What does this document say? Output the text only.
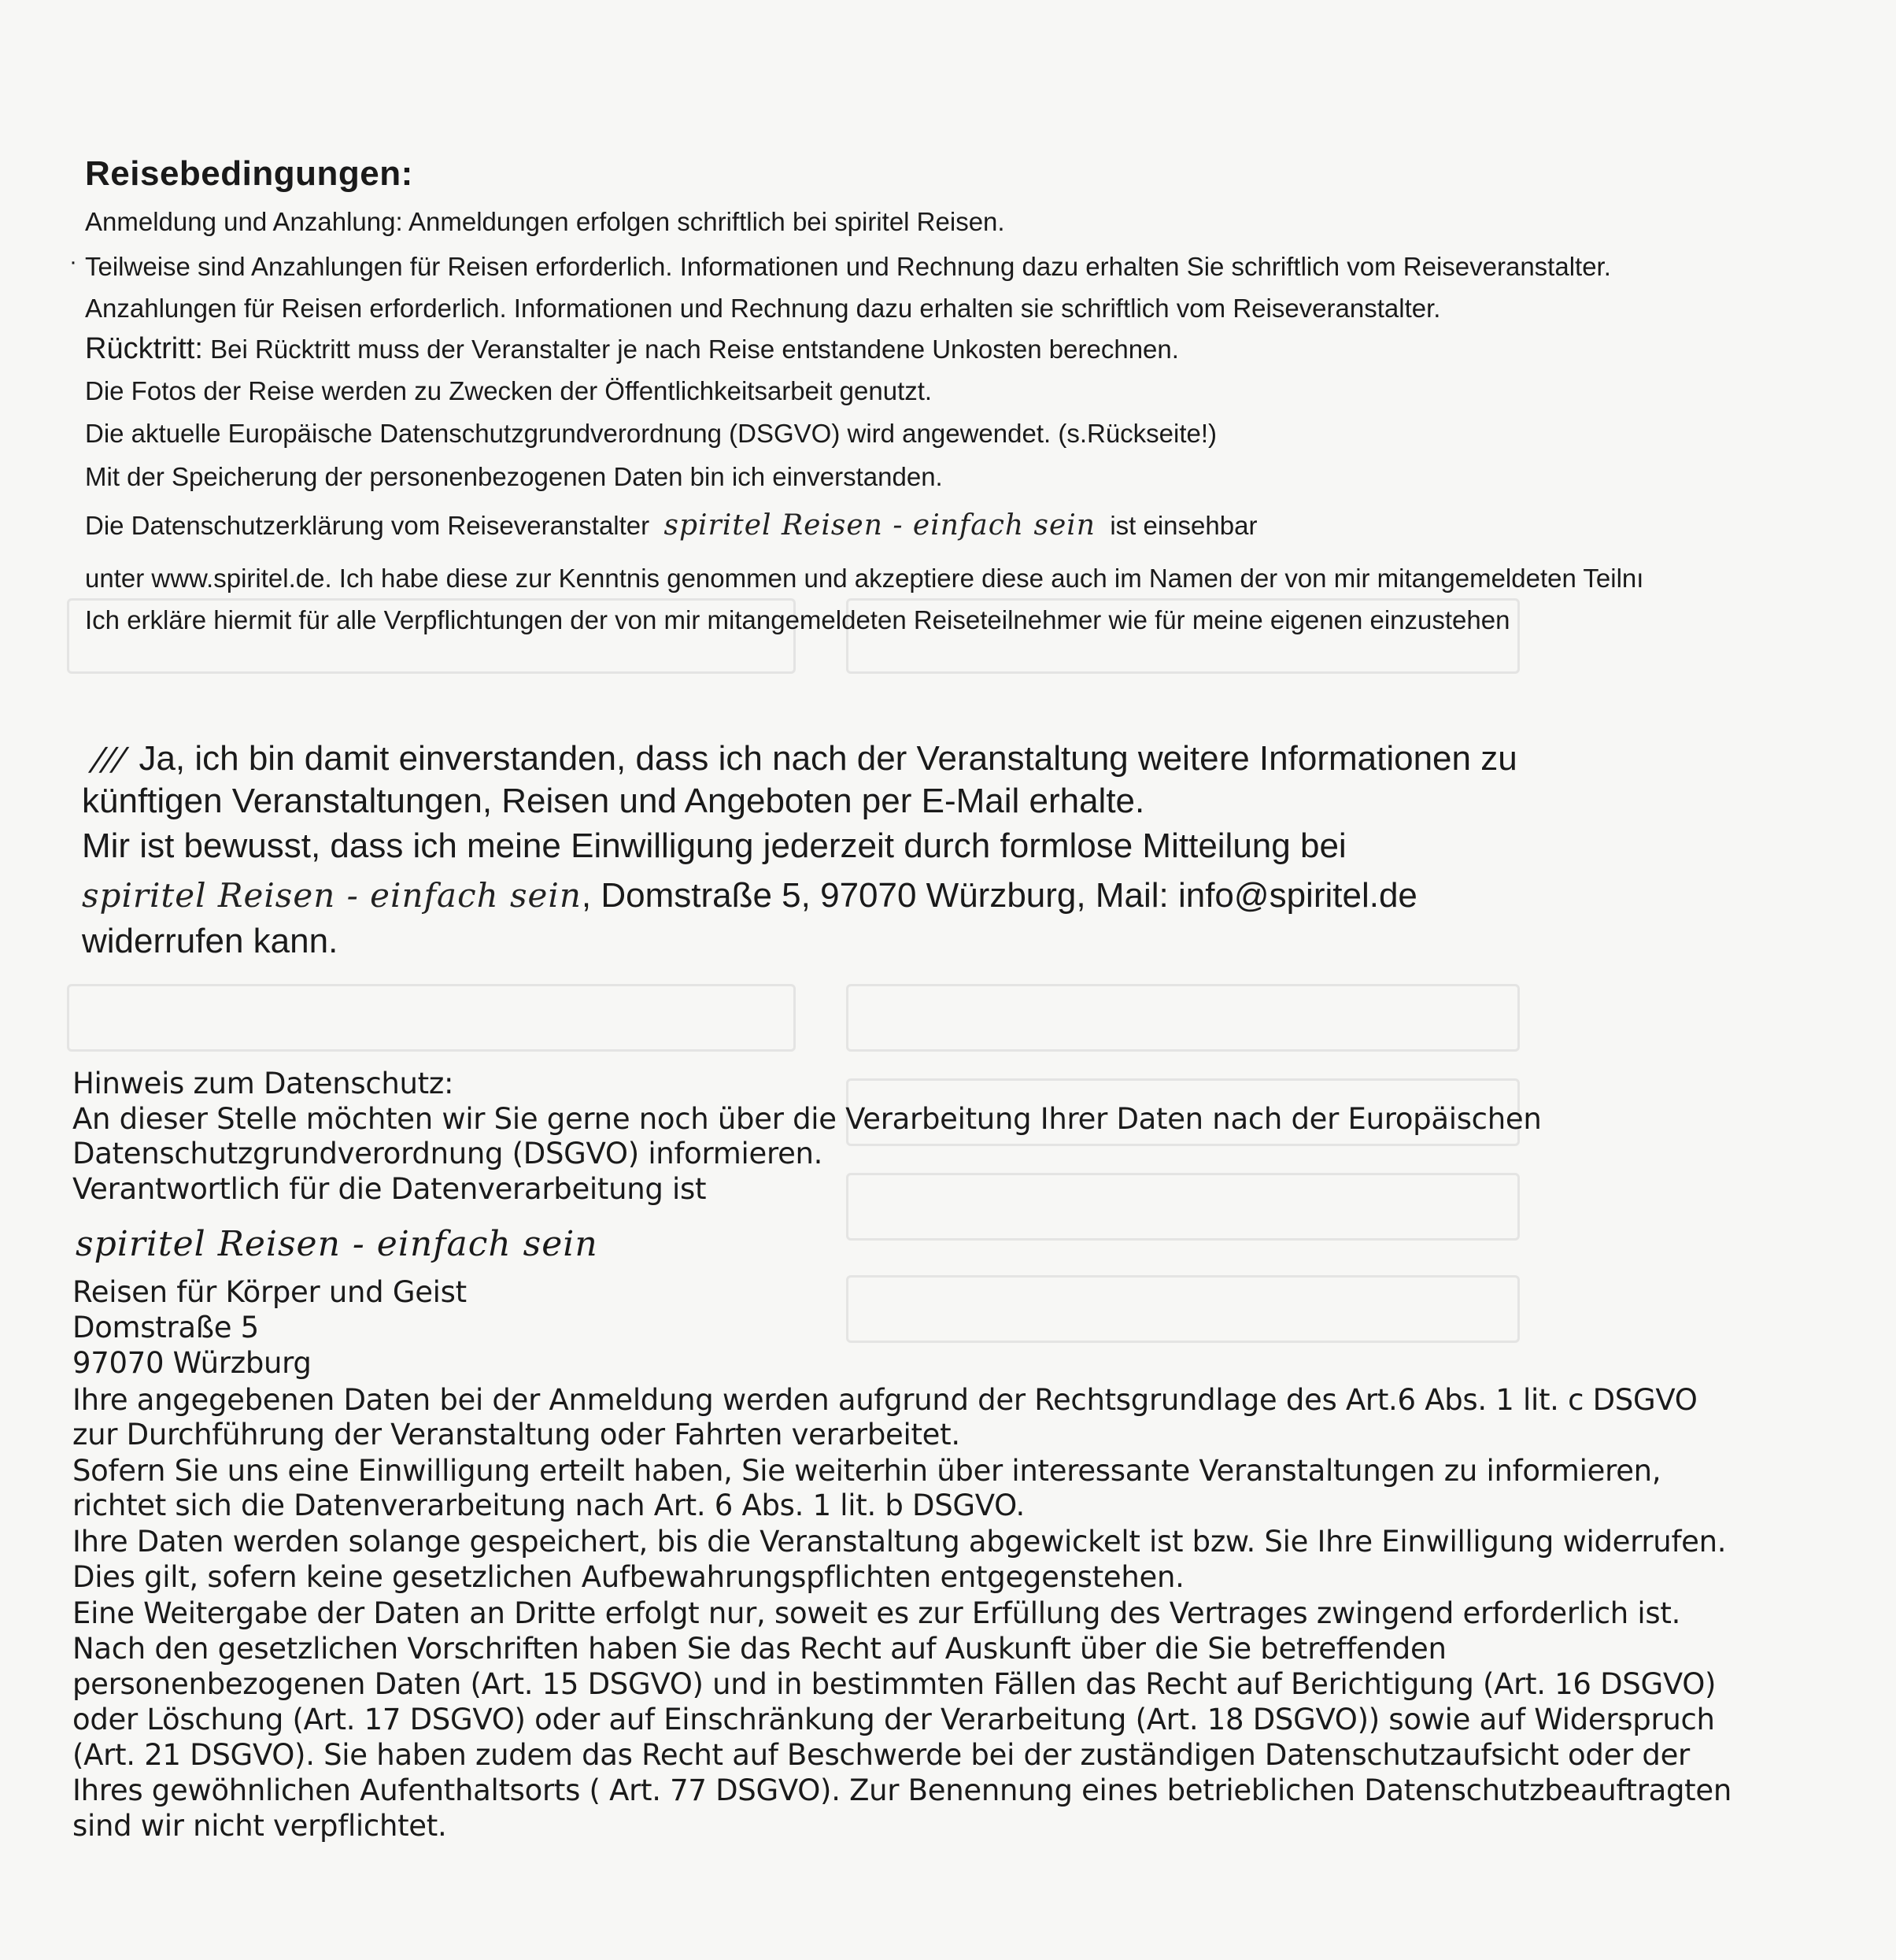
Reisebedingungen:
Anmeldung und Anzahlung: Anmeldungen erfolgen schriftlich bei spiritel Reisen.
· Teilweise sind Anzahlungen für Reisen erforderlich. Informationen und Rechnung dazu erhalten Sie schriftlich vom Reiseveranstalter.
Anzahlungen für Reisen erforderlich. Informationen und Rechnung dazu erhalten sie schriftlich vom Reiseveranstalter.
Rücktritt: Bei Rücktritt muss der Veranstalter je nach Reise entstandene Unkosten berechnen.
Die Fotos der Reise werden zu Zwecken der Öffentlichkeitsarbeit genutzt.
Die aktuelle Europäische Datenschutzgrundverordnung (DSGVO) wird angewendet. (s.Rückseite!)
Mit der Speicherung der personenbezogenen Daten bin ich einverstanden.
Die Datenschutzerklärung vom Reiseveranstalter spiritel Reisen - einfach sein ist einsehbar
unter www.spiritel.de. Ich habe diese zur Kenntnis genommen und akzeptiere diese auch im Namen der von mir mitangemeldeten Teilnı
Ich erkläre hiermit für alle Verpflichtungen der von mir mitangemeldeten Reiseteilnehmer wie für meine eigenen einzustehen
/// Ja, ich bin damit einverstanden, dass ich nach der Veranstaltung weitere Informationen zu
künftigen Veranstaltungen, Reisen und Angeboten per E-Mail erhalte.
Mir ist bewusst, dass ich meine Einwilligung jederzeit durch formlose Mitteilung bei
spiritel Reisen - einfach sein, Domstraße 5, 97070 Würzburg, Mail: info@spiritel.de
widerrufen kann.
Hinweis zum Datenschutz:
An dieser Stelle möchten wir Sie gerne noch über die Verarbeitung Ihrer Daten nach der Europäischen
Datenschutzgrundverordnung (DSGVO) informieren.
Verantwortlich für die Datenverarbeitung ist
spiritel Reisen - einfach sein
Reisen für Körper und Geist
Domstraße 5
97070 Würzburg
Ihre angegebenen Daten bei der Anmeldung werden aufgrund der Rechtsgrundlage des Art.6 Abs. 1 lit. c DSGVO
zur Durchführung der Veranstaltung oder Fahrten verarbeitet.
Sofern Sie uns eine Einwilligung erteilt haben, Sie weiterhin über interessante Veranstaltungen zu informieren,
richtet sich die Datenverarbeitung nach Art. 6 Abs. 1 lit. b DSGVO.
Ihre Daten werden solange gespeichert, bis die Veranstaltung abgewickelt ist bzw. Sie Ihre Einwilligung widerrufen.
Dies gilt, sofern keine gesetzlichen Aufbewahrungspflichten entgegenstehen.
Eine Weitergabe der Daten an Dritte erfolgt nur, soweit es zur Erfüllung des Vertrages zwingend erforderlich ist.
Nach den gesetzlichen Vorschriften haben Sie das Recht auf Auskunft über die Sie betreffenden
personenbezogenen Daten (Art. 15 DSGVO) und in bestimmten Fällen das Recht auf Berichtigung (Art. 16 DSGVO)
oder Löschung (Art. 17 DSGVO) oder auf Einschränkung der Verarbeitung (Art. 18 DSGVO)) sowie auf Widerspruch
(Art. 21 DSGVO). Sie haben zudem das Recht auf Beschwerde bei der zuständigen Datenschutzaufsicht oder der
Ihres gewöhnlichen Aufenthaltsorts ( Art. 77 DSGVO). Zur Benennung eines betrieblichen Datenschutzbeauftragten
sind wir nicht verpflichtet.
